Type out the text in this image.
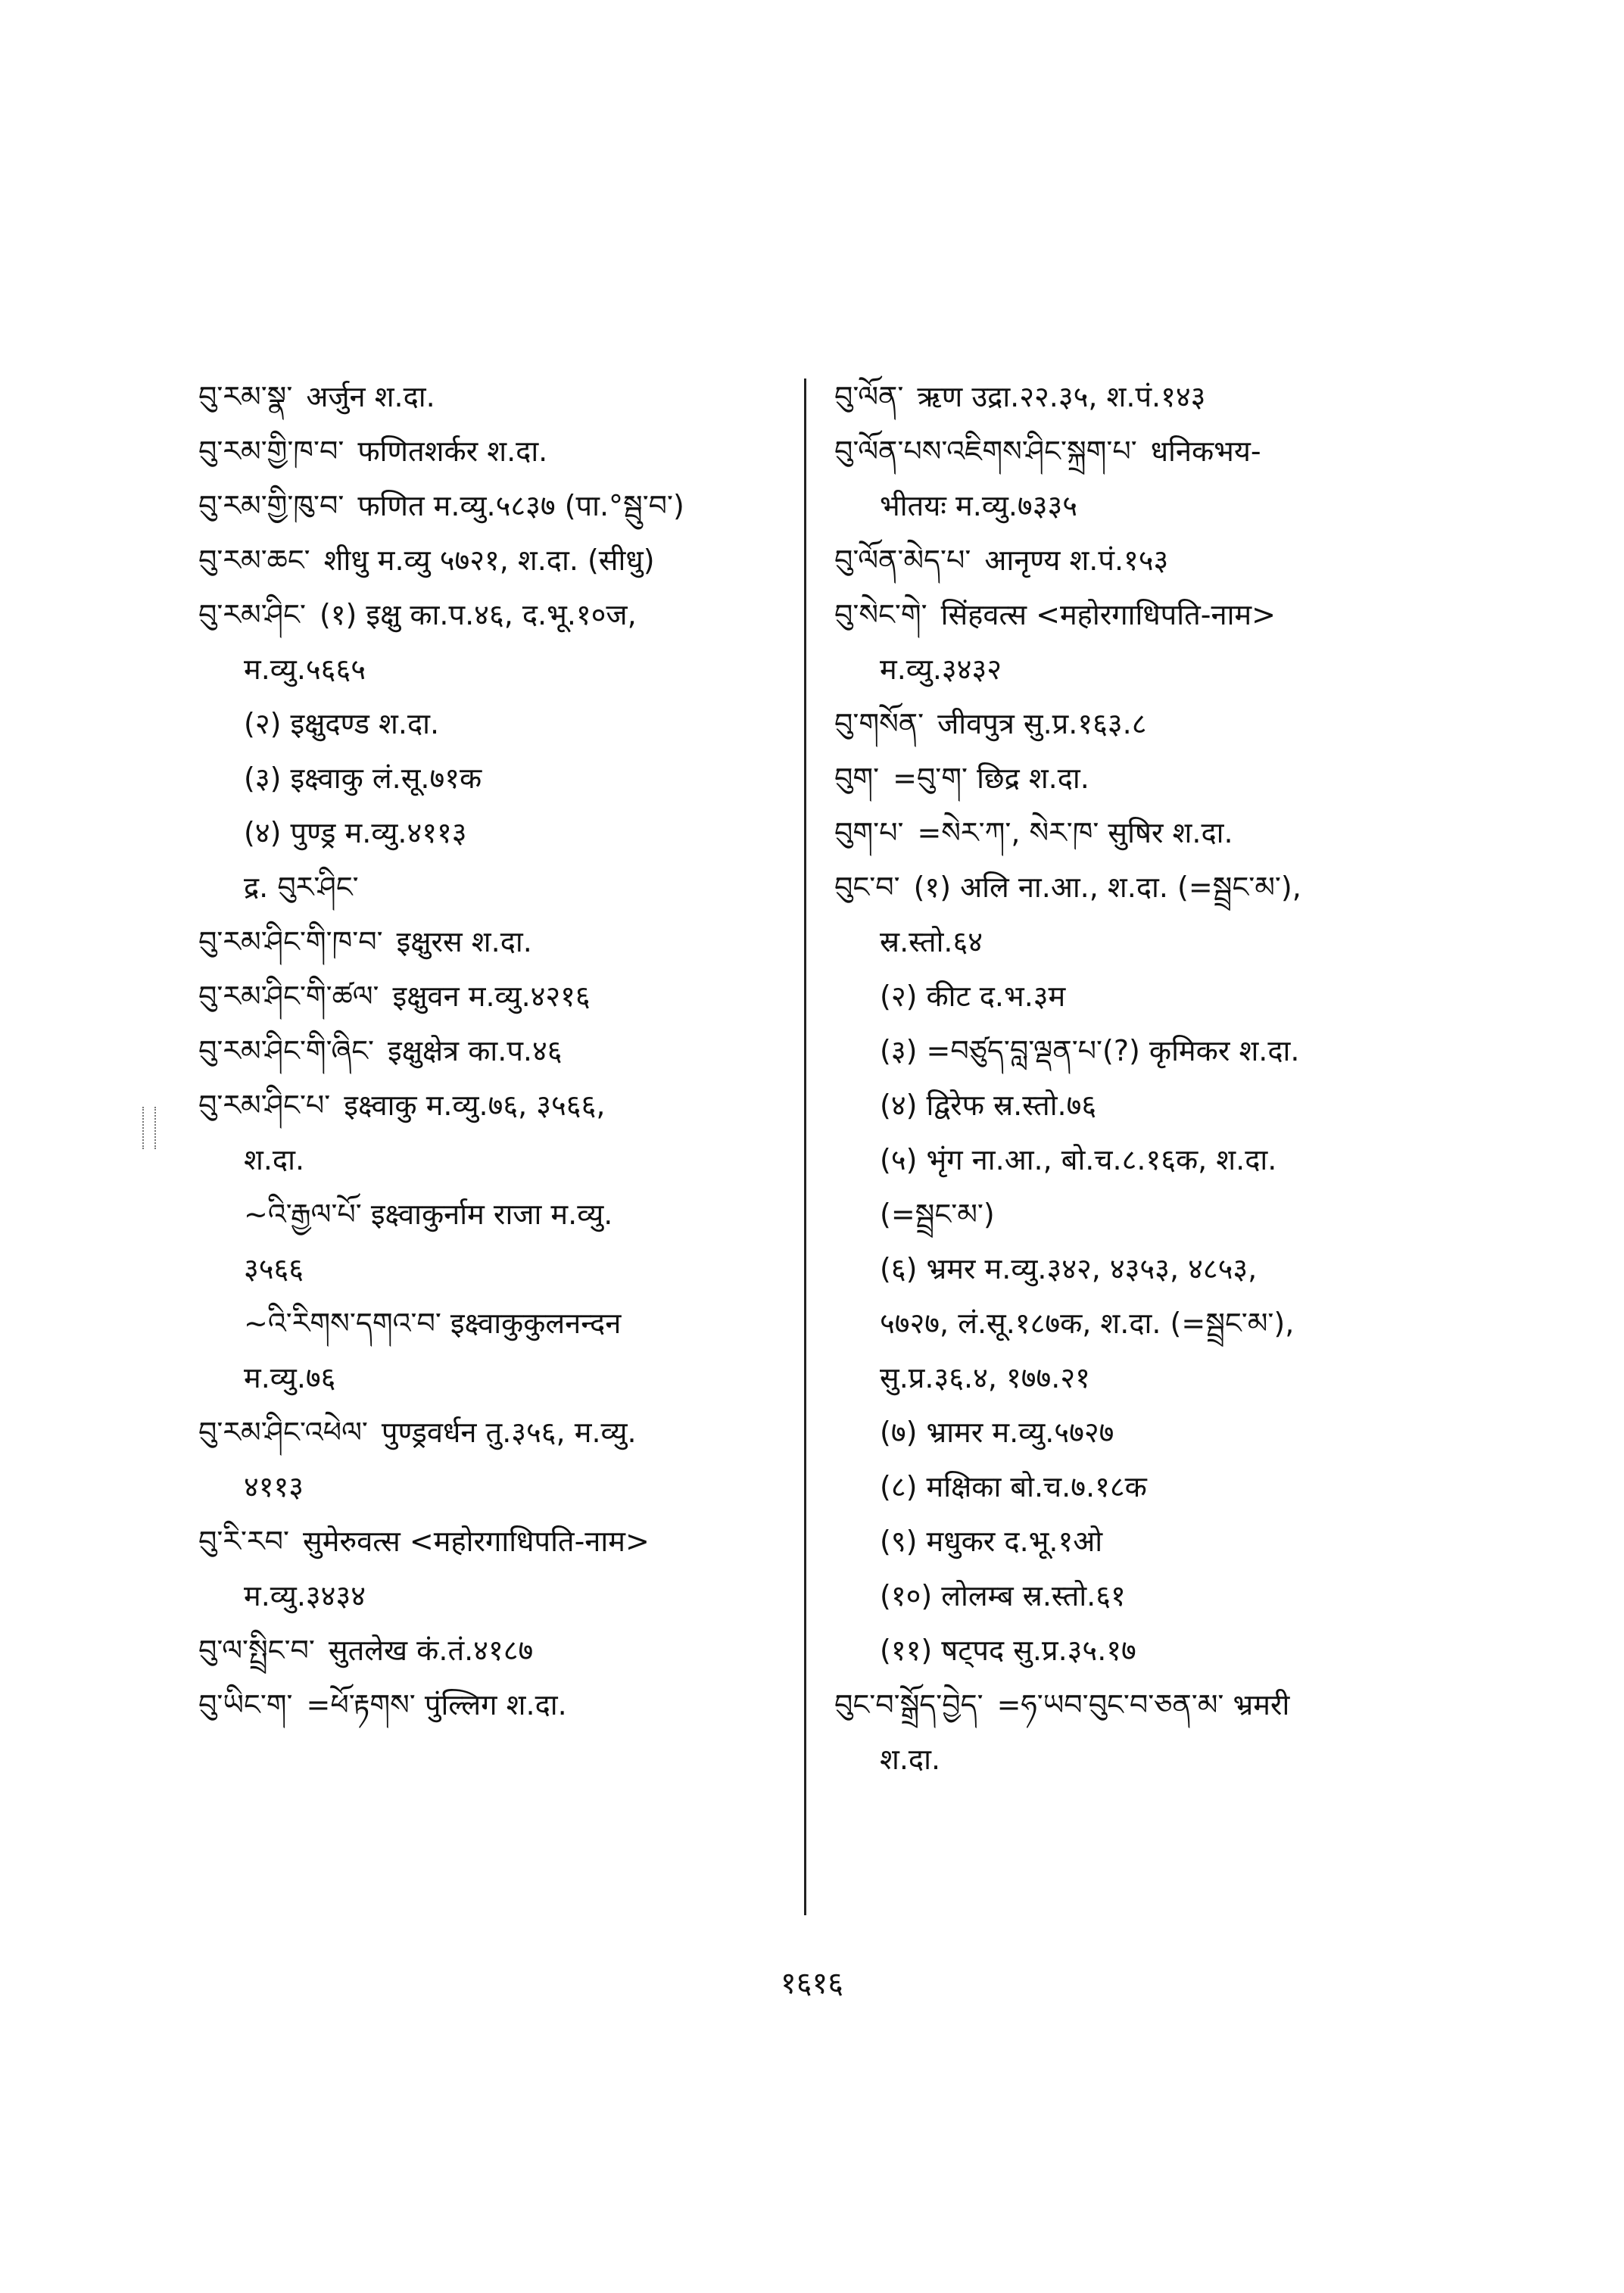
བུ་རམ་སྣ་ अर्जुन श.दा.
བུ་རམ་གྱི་ཁ་བ་ फणितशर्कर श.दा.
བུ་རམ་གྱི་ཁུ་བ་ फणित म.व्यु.५८३७ (पा.°སྦུ་བ་)
བུ་རམ་ཆང་ शीधु म.व्यु ५७२१, श.दा. (सीधु)
བུ་རམ་ཤིང་ (१) इक्षु का.प.४६, द.भू.१०ज,
म.व्यु.५६६५
(२) इक्षुदण्ड श.दा.
(३) इक्ष्वाकु लं.सू.७१क
(४) पुण्ड्र म.व्यु.४११३
द्र. བུར་ཤིང་
བུ་རམ་ཤིང་གི་ཁ་བ་ इक्षुरस श.दा.
བུ་རམ་ཤིང་གི་ཚལ་ इक्षुवन म.व्यु.४२१६
བུ་རམ་ཤིང་གི་ཞིང་ इक्षुक्षेत्र का.प.४६
བུ་རམ་ཤིང་པ་ इक्ष्वाकु म.व्यु.७६, ३५६६,
श.दा.
~འི་རྒྱལ་པོ་ इक्ष्वाकुर्नाम राजा म.व्यु.
३५६६
~འི་རིགས་དགའ་བ་ इक्ष्वाकुकुलनन्दन
म.व्यु.७६
བུ་རམ་ཤིང་འཕེལ་ पुण्ड्रवर्धन तु.३५६, म.व्यु.
४११३
བུ་རི་རབ་ सुमेरुवत्स <महोरगाधिपति-नाम>
म.व्यु.३४३४
བུ་ལ་སྤྲིང་བ་ सुतलेख कं.तं.४१८७
བུ་ཡིང་ག་ =ཕོ་རྟགས་ पुंल्लिग श.दा.
བུ་ལོན་ ऋण उद्रा.२२.३५, श.पं.१४३
བུ་ལོན་པས་འཇིགས་ཤིང་སྐྲག་པ་ धनिकभय-
भीतयः म.व्यु.७३३५
བུ་ལོན་མེད་པ་ आनृण्य श.पं.१५३
བུ་སེང་གེ་ सिंहवत्स <महोरगाधिपति-नाम>
म.व्यु.३४३२
བུ་གསོན་ जीवपुत्र सु.प्र.१६३.८
བུག་ =བུ་ག་ छिद्र श.दा.
བུག་པ་ =སེར་ཀ་, སེར་ཁ་ सुषिर श.दा.
བུང་བ་ (१) अलि ना.आ., श.दा. (=སྦྲང་མ་),
स्र.स्तो.६४
(२) कीट द.भ.३म
(३) =བཙུད་བླ་ལྡན་པ་(?) कृमिकर श.दा.
(४) द्विरेफ स्र.स्तो.७६
(५) भृंग ना.आ., बो.च.८.१६क, श.दा.
(=སྦྲང་མ་)
(६) भ्रमर म.व्यु.३४२, ४३५३, ४८५३,
५७२७, लं.सू.१८७क, श.दा. (=སྦྲང་མ་),
सु.प्र.३६.४, १७७.२१
(७) भ्रामर म.व्यु.५७२७
(८) मक्षिका बो.च.७.१८क
(९) मधुकर द.भू.१ओ
(१०) लोलम्ब स्र.स्तो.६१
(११) षट्पद सु.प्र.३५.१७
བུང་བ་སྒྲོད་བྱེད་ =ཧ་ཡབ་བུང་བ་ཅན་མ་ भ्रमरी
श.दा.
१६१६
